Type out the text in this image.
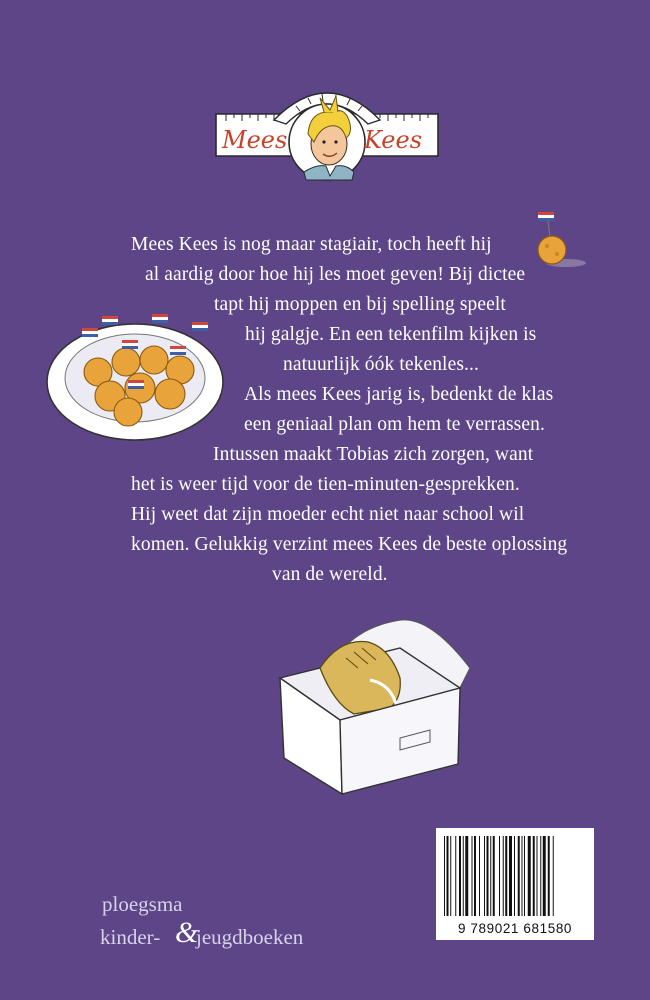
Mees	Kees
Mees Kees is nog maar stagiair, toch heeft hij
al aardig door hoe hij les moet geven! Bij dictee
tapt hij moppen en bij spelling speelt
hij galgje. En een tekenfilm kijken is
natuurlijk óók tekenles...
Als mees Kees jarig is, bedenkt de klas
een geniaal plan om hem te verrassen.
Intussen maakt Tobias zich zorgen, want
het is weer tijd voor de tien-minuten-gesprekken.
Hij weet dat zijn moeder echt niet naar school wil
komen. Gelukkig verzint mees Kees de beste oplossing
van de wereld.
ploegsma
kinder- &
jeugdboeken	9 789021 681580
